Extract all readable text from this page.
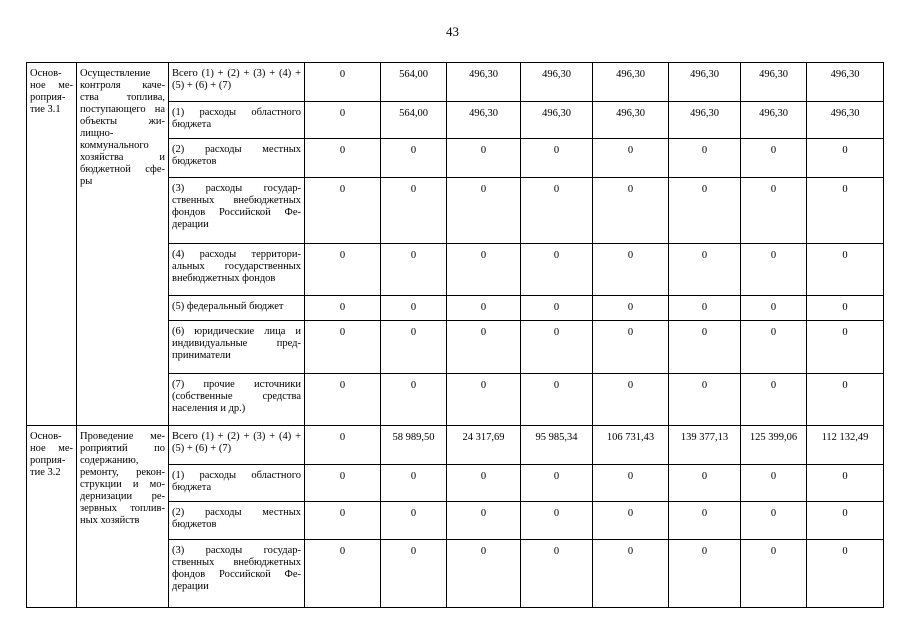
43
Основ- ное ме- роприя- тие 3.1	Осуществление контроля каче- ства топлива, поступающего на объекты жи- лищно- коммунального хозяйства и бюджетной сфе- ры	Всего (1) + (2) + (3) + (4) + (5) + (6) + (7)	0	564,00	496,30	496,30	496,30	496,30	496,30	496,30
		(1) расходы областного бюджета	0	564,00	496,30	496,30	496,30	496,30	496,30	496,30
		(2) расходы местных бюджетов	0	0	0	0	0	0	0	0
		(3) расходы государ- ственных внебюджетных фондов Российской Фе- дерации	0	0	0	0	0	0	0	0
		(4) расходы территори- альных государственных внебюджетных фондов	0	0	0	0	0	0	0	0
		(5) федеральный бюджет	0	0	0	0	0	0	0	0
		(6) юридические лица и индивидуальные пред- приниматели	0	0	0	0	0	0	0	0
		(7) прочие источники (собственные средства населения и др.)	0	0	0	0	0	0	0	0
Основ- ное ме- роприя- тие 3.2	Проведение ме- роприятий по содержанию, ремонту, рекон- струкции и мо- дернизации ре- зервных топлив- ных хозяйств	Всего (1) + (2) + (3) + (4) + (5) + (6) + (7)	0	58 989,50	24 317,69	95 985,34	106 731,43	139 377,13	125 399,06	112 132,49
		(1) расходы областного бюджета	0	0	0	0	0	0	0	0
		(2) расходы местных бюджетов	0	0	0	0	0	0	0	0
		(3) расходы государ- ственных внебюджетных фондов Российской Фе- дерации	0	0	0	0	0	0	0	0
